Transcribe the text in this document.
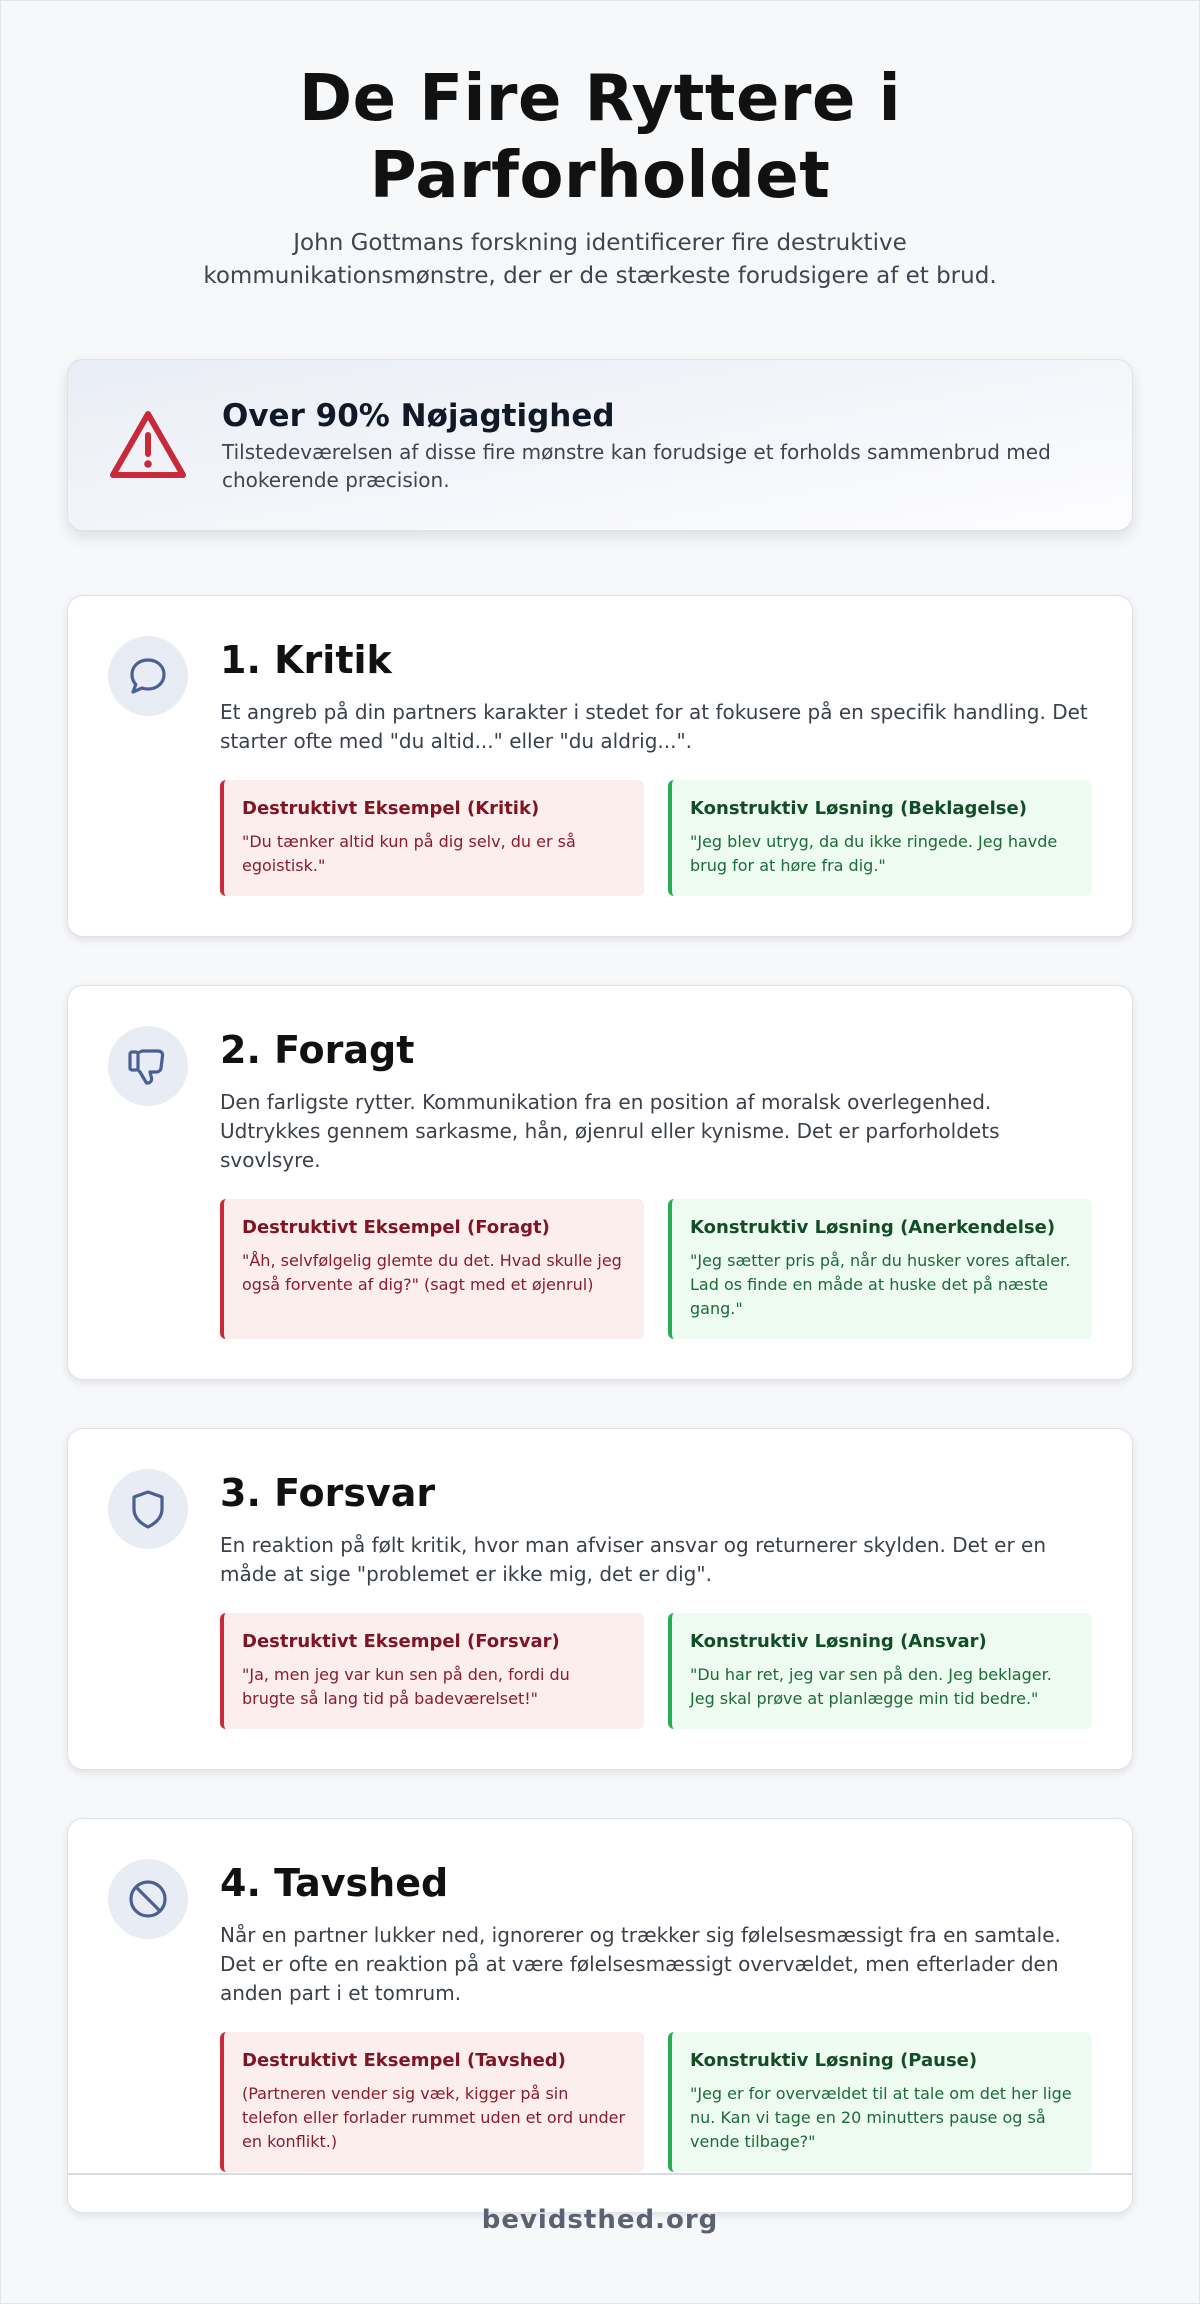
De Fire Ryttere i Parforholdet

John Gottmans forskning identificerer fire destruktive kommunikationsmønstre, der er de stærkeste forudsigere af et brud.

Over 90% Nøjagtighed
Tilstedeværelsen af disse fire mønstre kan forudsige et forholds sammenbrud med chokerende præcision.
1. Kritik

Et angreb på din partners karakter i stedet for at fokusere på en specifik handling. Det starter ofte med "du altid..." eller "du aldrig...".

Destruktivt Eksempel (Kritik)
"Du tænker altid kun på dig selv, du er så egoistisk."
Konstruktiv Løsning (Beklagelse)
"Jeg blev utryg, da du ikke ringede. Jeg havde brug for at høre fra dig."
2. Foragt

Den farligste rytter. Kommunikation fra en position af moralsk overlegenhed. Udtrykkes gennem sarkasme, hån, øjenrul eller kynisme. Det er parforholdets svovlsyre.

Destruktivt Eksempel (Foragt)
"Åh, selvfølgelig glemte du det. Hvad skulle jeg også forvente af dig?" (sagt med et øjenrul)
Konstruktiv Løsning (Anerkendelse)
"Jeg sætter pris på, når du husker vores aftaler. Lad os finde en måde at huske det på næste gang."
3. Forsvar

En reaktion på følt kritik, hvor man afviser ansvar og returnerer skylden. Det er en måde at sige "problemet er ikke mig, det er dig".

Destruktivt Eksempel (Forsvar)
"Ja, men jeg var kun sen på den, fordi du brugte så lang tid på badeværelset!"
Konstruktiv Løsning (Ansvar)
"Du har ret, jeg var sen på den. Jeg beklager. Jeg skal prøve at planlægge min tid bedre."
4. Tavshed

Når en partner lukker ned, ignorerer og trækker sig følelsesmæssigt fra en samtale. Det er ofte en reaktion på at være følelsesmæssigt overvældet, men efterlader den anden part i et tomrum.

Destruktivt Eksempel (Tavshed)
(Partneren vender sig væk, kigger på sin telefon eller forlader rummet uden et ord under en konflikt.)
Konstruktiv Løsning (Pause)
"Jeg er for overvældet til at tale om det her lige nu. Kan vi tage en 20 minutters pause og så vende tilbage?"
bevidsthed.org
